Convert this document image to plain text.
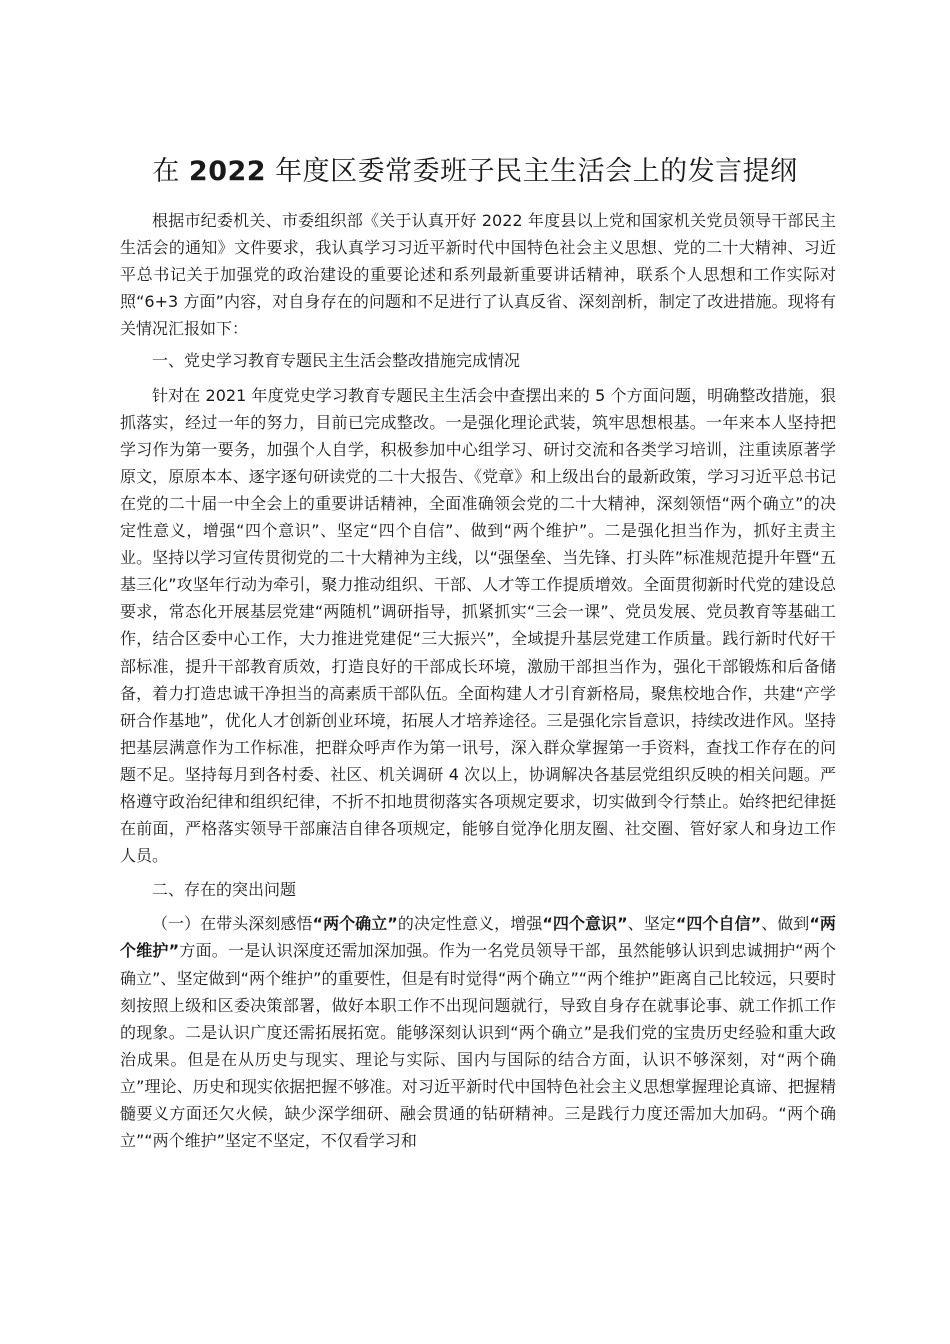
在 2022 年度区委常委班子民主生活会上的发言提纲

根据市纪委机关、市委组织部《关于认真开好 2022 年度县以上党和国家机关党员领导干部民主生活会的通知》文件要求，我认真学习习近平新时代中国特色社会主义思想、党的二十大精神、习近平总书记关于加强党的政治建设的重要论述和系列最新重要讲话精神，联系个人思想和工作实际对照“6+3 方面”内容，对自身存在的问题和不足进行了认真反省、深刻剖析，制定了改进措施。现将有关情况汇报如下：

一、党史学习教育专题民主生活会整改措施完成情况

针对在 2021 年度党史学习教育专题民主生活会中查摆出来的 5 个方面问题，明确整改措施，狠抓落实，经过一年的努力，目前已完成整改。一是强化理论武装，筑牢思想根基。一年来本人坚持把学习作为第一要务，加强个人自学，积极参加中心组学习、研讨交流和各类学习培训，注重读原著学原文，原原本本、逐字逐句研读党的二十大报告、《党章》和上级出台的最新政策，学习习近平总书记在党的二十届一中全会上的重要讲话精神，全面准确领会党的二十大精神，深刻领悟“两个确立”的决定性意义，增强“四个意识”、坚定“四个自信”、做到“两个维护”。二是强化担当作为，抓好主责主业。坚持以学习宣传贯彻党的二十大精神为主线，以“强堡垒、当先锋、打头阵”标准规范提升年暨“五基三化”攻坚年行动为牵引，聚力推动组织、干部、人才等工作提质增效。全面贯彻新时代党的建设总要求，常态化开展基层党建“两随机”调研指导，抓紧抓实“三会一课”、党员发展、党员教育等基础工作，结合区委中心工作，大力推进党建促“三大振兴”，全域提升基层党建工作质量。践行新时代好干部标准，提升干部教育质效，打造良好的干部成长环境，激励干部担当作为，强化干部锻炼和后备储备，着力打造忠诚干净担当的高素质干部队伍。全面构建人才引育新格局，聚焦校地合作，共建“产学研合作基地”，优化人才创新创业环境，拓展人才培养途径。三是强化宗旨意识，持续改进作风。坚持把基层满意作为工作标准，把群众呼声作为第一讯号，深入群众掌握第一手资料，查找工作存在的问题不足。坚持每月到各村委、社区、机关调研 4 次以上，协调解决各基层党组织反映的相关问题。严格遵守政治纪律和组织纪律，不折不扣地贯彻落实各项规定要求，切实做到令行禁止。始终把纪律挺在前面，严格落实领导干部廉洁自律各项规定，能够自觉净化朋友圈、社交圈、管好家人和身边工作人员。

二、存在的突出问题

（一）在带头深刻感悟“两个确立”的决定性意义，增强“四个意识”、坚定“四个自信”、做到“两个维护”方面。一是认识深度还需加深加强。作为一名党员领导干部，虽然能够认识到忠诚拥护“两个确立”、坚定做到“两个维护”的重要性，但是有时觉得“两个确立”“两个维护”距离自己比较远，只要时刻按照上级和区委决策部署，做好本职工作不出现问题就行，导致自身存在就事论事、就工作抓工作的现象。二是认识广度还需拓展拓宽。能够深刻认识到“两个确立”是我们党的宝贵历史经验和重大政治成果。但是在从历史与现实、理论与实际、国内与国际的结合方面，认识不够深刻，对“两个确立”理论、历史和现实依据把握不够准。对习近平新时代中国特色社会主义思想掌握理论真谛、把握精髓要义方面还欠火候，缺少深学细研、融会贯通的钻研精神。三是践行力度还需加大加码。“两个确立”“两个维护”坚定不坚定，不仅看学习和
